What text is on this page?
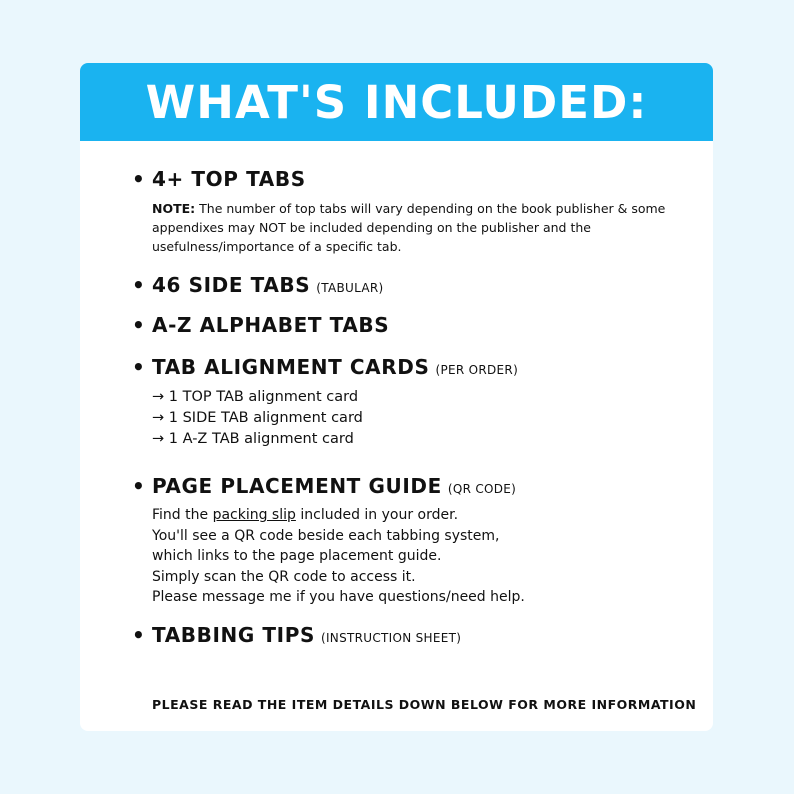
WHAT'S INCLUDED:
• 4+ TOP TABS
NOTE: The number of top tabs will vary depending on the book publisher & some appendixes may NOT be included depending on the publisher and the usefulness/importance of a specific tab.
• 46 SIDE TABS (TABULAR)
• A-Z ALPHABET TABS
• TAB ALIGNMENT CARDS (PER ORDER)
→ 1 TOP TAB alignment card
→ 1 SIDE TAB alignment card
→ 1 A-Z TAB alignment card
• PAGE PLACEMENT GUIDE (QR CODE)
Find the packing slip included in your order.
You'll see a QR code beside each tabbing system,
which links to the page placement guide.
Simply scan the QR code to access it.
Please message me if you have questions/need help.
• TABBING TIPS (INSTRUCTION SHEET)
PLEASE READ THE ITEM DETAILS DOWN BELOW FOR MORE INFORMATION
